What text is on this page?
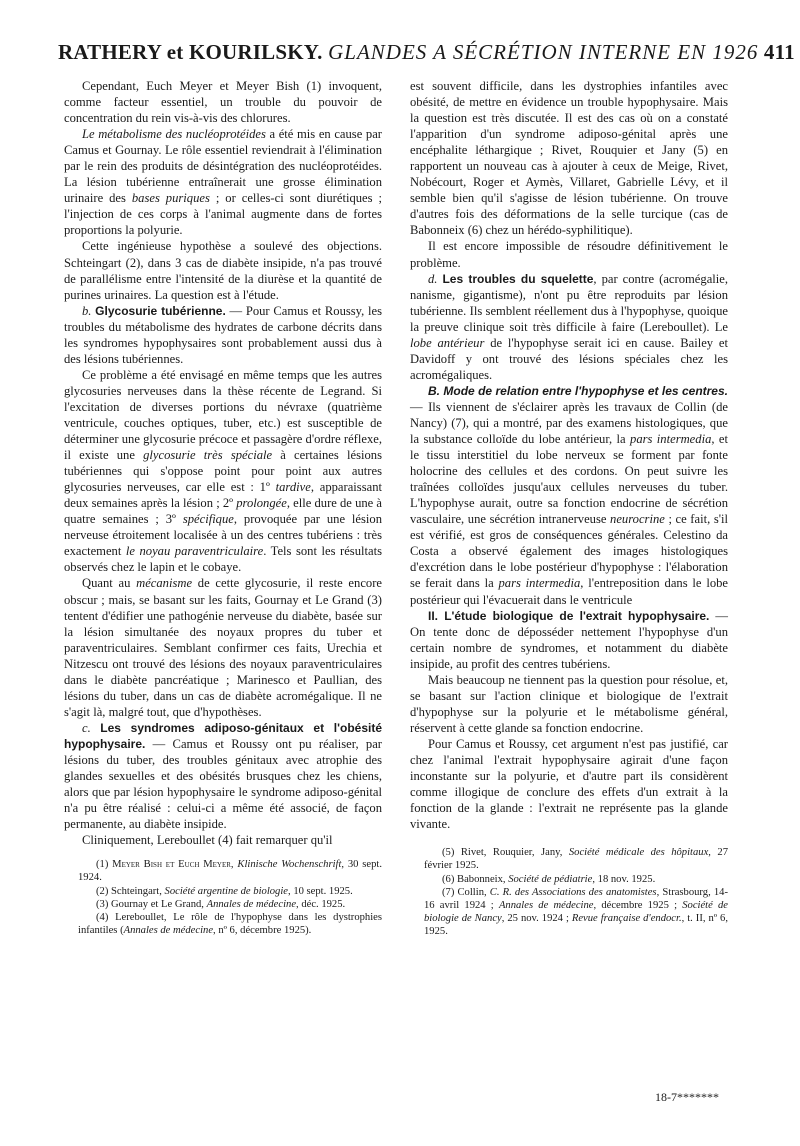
RATHERY et KOURILSKY. GLANDES A SÉCRÉTION INTERNE EN 1926 411

Cependant, Euch Meyer et Meyer Bish (1) invoquent, comme facteur essentiel, un trouble du pouvoir de concentration du rein vis-à-vis des chlorures.

Le métabolisme des nucléoprotéides a été mis en cause par Camus et Gournay. Le rôle essentiel reviendrait à l'élimination par le rein des produits de désintégration des nucléoprotéides. La lésion tubérienne entraînerait une grosse élimination urinaire des bases puriques ; or celles-ci sont diurétiques ; l'injection de ces corps à l'animal augmente dans de fortes proportions la polyurie.

Cette ingénieuse hypothèse a soulevé des objections. Schteingart (2), dans 3 cas de diabète insipide, n'a pas trouvé de parallélisme entre l'intensité de la diurèse et la quantité de purines urinaires. La question est à l'étude.

b. Glycosurie tubérienne. — Pour Camus et Roussy, les troubles du métabolisme des hydrates de carbone décrits dans les syndromes hypophysaires sont probablement aussi dus à des lésions tubériennes.

Ce problème a été envisagé en même temps que les autres glycosuries nerveuses dans la thèse récente de Legrand. Si l'excitation de diverses portions du névraxe (quatrième ventricule, couches optiques, tuber, etc.) est susceptible de déterminer une glycosurie précoce et passagère d'ordre réflexe, il existe une glycosurie très spéciale à certaines lésions tubériennes qui s'oppose point pour point aux autres glycosuries nerveuses, car elle est : 1º tardive, apparaissant deux semaines après la lésion ; 2º prolongée, elle dure de une à quatre semaines ; 3º spécifique, provoquée par une lésion nerveuse étroitement localisée à un des centres tubériens : très exactement le noyau paraventriculaire. Tels sont les résultats observés chez le lapin et le cobaye.

Quant au mécanisme de cette glycosurie, il reste encore obscur ; mais, se basant sur les faits, Gournay et Le Grand (3) tentent d'édifier une pathogénie nerveuse du diabète, basée sur la lésion simultanée des noyaux propres du tuber et paraventriculaires. Semblant confirmer ces faits, Urechia et Nitzescu ont trouvé des lésions des noyaux paraventriculaires dans le diabète pancréatique ; Marinesco et Paullian, des lésions du tuber, dans un cas de diabète acromégalique. Il ne s'agit là, malgré tout, que d'hypothèses.

c. Les syndromes adiposo-génitaux et l'obésité hypophysaire. — Camus et Roussy ont pu réaliser, par lésions du tuber, des troubles génitaux avec atrophie des glandes sexuelles et des obésités brusques chez les chiens, alors que par lésion hypophysaire le syndrome adiposo-génital n'a pu être réalisé : celui-ci a même été associé, de façon permanente, au diabète insipide.

Cliniquement, Lereboullet (4) fait remarquer qu'il

(1) Meyer Bish et Euch Meyer, Klinische Wochenschrift, 30 sept. 1924.

(2) Schteingart, Société argentine de biologie, 10 sept. 1925.

(3) Gournay et Le Grand, Annales de médecine, déc. 1925.

(4) Lereboullet, Le rôle de l'hypophyse dans les dystrophies infantiles (Annales de médecine, nº 6, décembre 1925).

est souvent difficile, dans les dystrophies infantiles avec obésité, de mettre en évidence un trouble hypophysaire. Mais la question est très discutée. Il est des cas où on a constaté l'apparition d'un syndrome adiposo-génital après une encéphalite léthargique ; Rivet, Rouquier et Jany (5) en rapportent un nouveau cas à ajouter à ceux de Meige, Rivet, Nobécourt, Roger et Aymès, Villaret, Gabrielle Lévy, et il semble bien qu'il s'agisse de lésion tubérienne. On trouve d'autres fois des déformations de la selle turcique (cas de Babonneix (6) chez un hérédo-syphilitique).

Il est encore impossible de résoudre définitivement le problème.

d. Les troubles du squelette, par contre (acromégalie, nanisme, gigantisme), n'ont pu être reproduits par lésion tubérienne. Ils semblent réellement dus à l'hypophyse, quoique la preuve clinique soit très difficile à faire (Lereboullet). Le lobe antérieur de l'hypophyse serait ici en cause. Bailey et Davidoff y ont trouvé des lésions spéciales chez les acromégaliques.

B. Mode de relation entre l'hypophyse et les centres. — Ils viennent de s'éclairer après les travaux de Collin (de Nancy) (7), qui a montré, par des examens histologiques, que la substance colloïde du lobe antérieur, la pars intermedia, et le tissu interstitiel du lobe nerveux se forment par fonte holocrine des cellules et des cordons. On peut suivre les traînées colloïdes jusqu'aux cellules nerveuses du tuber. L'hypophyse aurait, outre sa fonction endocrine de sécrétion vasculaire, une sécrétion intranerveuse neurocrine ; ce fait, s'il est vérifié, est gros de conséquences générales. Celestino da Costa a observé également des images histologiques d'excrétion dans le lobe postérieur d'hypophyse : l'élaboration se ferait dans la pars intermedia, l'entreposition dans le lobe postérieur qui l'évacuerait dans le ventricule

II. L'étude biologique de l'extrait hypophysaire. — On tente donc de déposséder nettement l'hypophyse d'un certain nombre de syndromes, et notamment du diabète insipide, au profit des centres tubériens.

Mais beaucoup ne tiennent pas la question pour résolue, et, se basant sur l'action clinique et biologique de l'extrait d'hypophyse sur la polyurie et le métabolisme général, réservent à cette glande sa fonction endocrine.

Pour Camus et Roussy, cet argument n'est pas justifié, car chez l'animal l'extrait hypophysaire agirait d'une façon inconstante sur la polyurie, et d'autre part ils considèrent comme illogique de conclure des effets d'un extrait à la fonction de la glande : l'extrait ne représente pas la glande vivante.

(5) Rivet, Rouquier, Jany, Société médicale des hôpitaux, 27 février 1925.

(6) Babonneix, Société de pédiatrie, 18 nov. 1925.

(7) Collin, C. R. des Associations des anatomistes, Strasbourg, 14-16 avril 1924 ; Annales de médecine, décembre 1925 ; Société de biologie de Nancy, 25 nov. 1924 ; Revue française d'endocr., t. II, nº 6, 1925.

18-7*******
